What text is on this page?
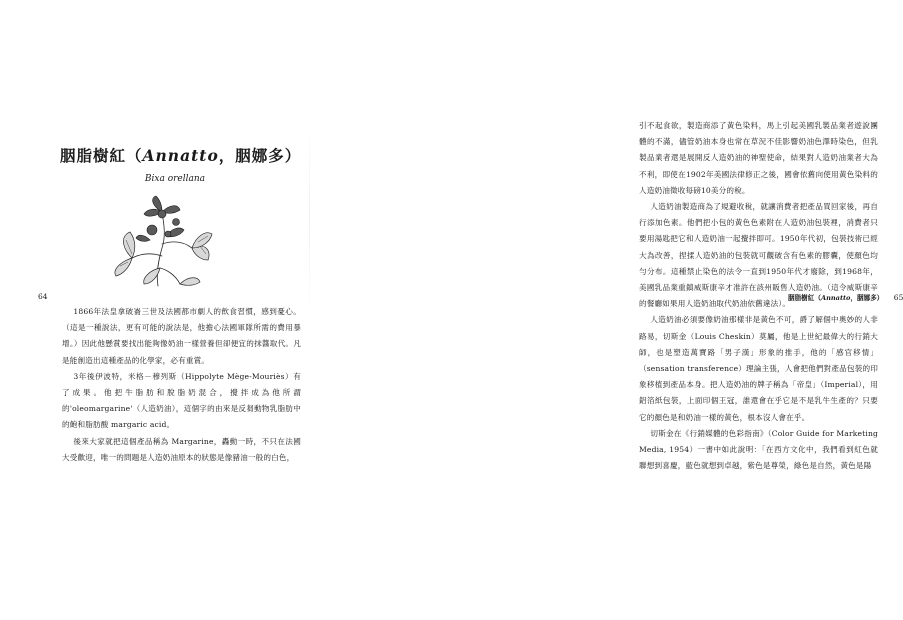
胭脂樹紅（Annatto，胭娜多）
Bixa orellana

1866年法皇拿破崙三世及法國都市劇人的飲食習慣，感到憂心。（這是一種說法，更有可能的說法是，他擔心法國軍隊所需的費用暴增。）因此他懸賞要找出能夠像奶油一樣營養但卻便宜的抹醬取代。凡是能創造出這種產品的化學家，必有重賞。

3年後伊波特，米格－穆列斯（Hippolyte Mège-Mouriès）有了成果。他把牛脂肪和脫脂奶混合，攪拌成為他所謂的'oleomargarine'（人造奶油），這個字的由來是反芻動物乳脂肪中的飽和脂肪酸 margaric acid。

後來大家就把這個產品稱為 Margarine，轟動一時，不只在法國大受歡迎，唯一的問題是人造奶油原本的狀態是像豬油一般的白色，

64

引不起食欲，製造商添了黃色染料，馬上引起美國乳製品業者遊說團體的不滿，儘管奶油本身也常在草況不佳影響奶油色澤時染色，但乳製品業者還是展開反人造奶油的神聖使命，結果對人造奶油業者大為不利，即使在1902年美國法律修正之後，國會依舊向使用黃色染料的人造奶油徵收每磅10美分的稅。

人造奶油製造商為了規避收稅，就讓消費者把產品買回家後，再自行添加色素。他們把小包的黃色色素附在人造奶油包裝裡，消費者只要用湯匙把它和人造奶油一起攪拌即可。1950年代初，包裝技術已經大為改善，捏揉人造奶油的包裝就可觀破含有色素的膠囊，使顏色均勻分布。這種禁止染色的法令一直到1950年代才廢除，到1968年，美國乳品業重鎮威斯康辛才准許在該州販售人造奶油。（這令威斯康辛的餐廳如果用人造奶油取代奶油依舊違法）。

人造奶油必須要像奶油那樣非是黃色不可，爵了解個中奧妙的人非路易，切斯金（Louis Cheskin）莫屬，他是上世紀最偉大的行銷大師，也是塑造萬寶路「男子漢」形象的推手，他的「感官移情」（sensation transference）理論主張，人會把他們對產品包裝的印象移植到產品本身。把人造奶油的牌子稱為「帝皇」（Imperial），用鋁箔紙包裝，上面印個王冠，誰還會在乎它是不是乳牛生產的？只要它的顏色是和奶油一樣的黃色，根本沒人會在乎。

切斯金在《行銷媒體的色彩指南》（Color Guide for Marketing Media, 1954）一書中如此說明：「在西方文化中，我們看到紅色就聯想到喜慶，藍色就想到卓越，紫色是尊榮，綠色是自然，黃色是陽

胭脂樹紅（Annatto，胭娜多） 65
